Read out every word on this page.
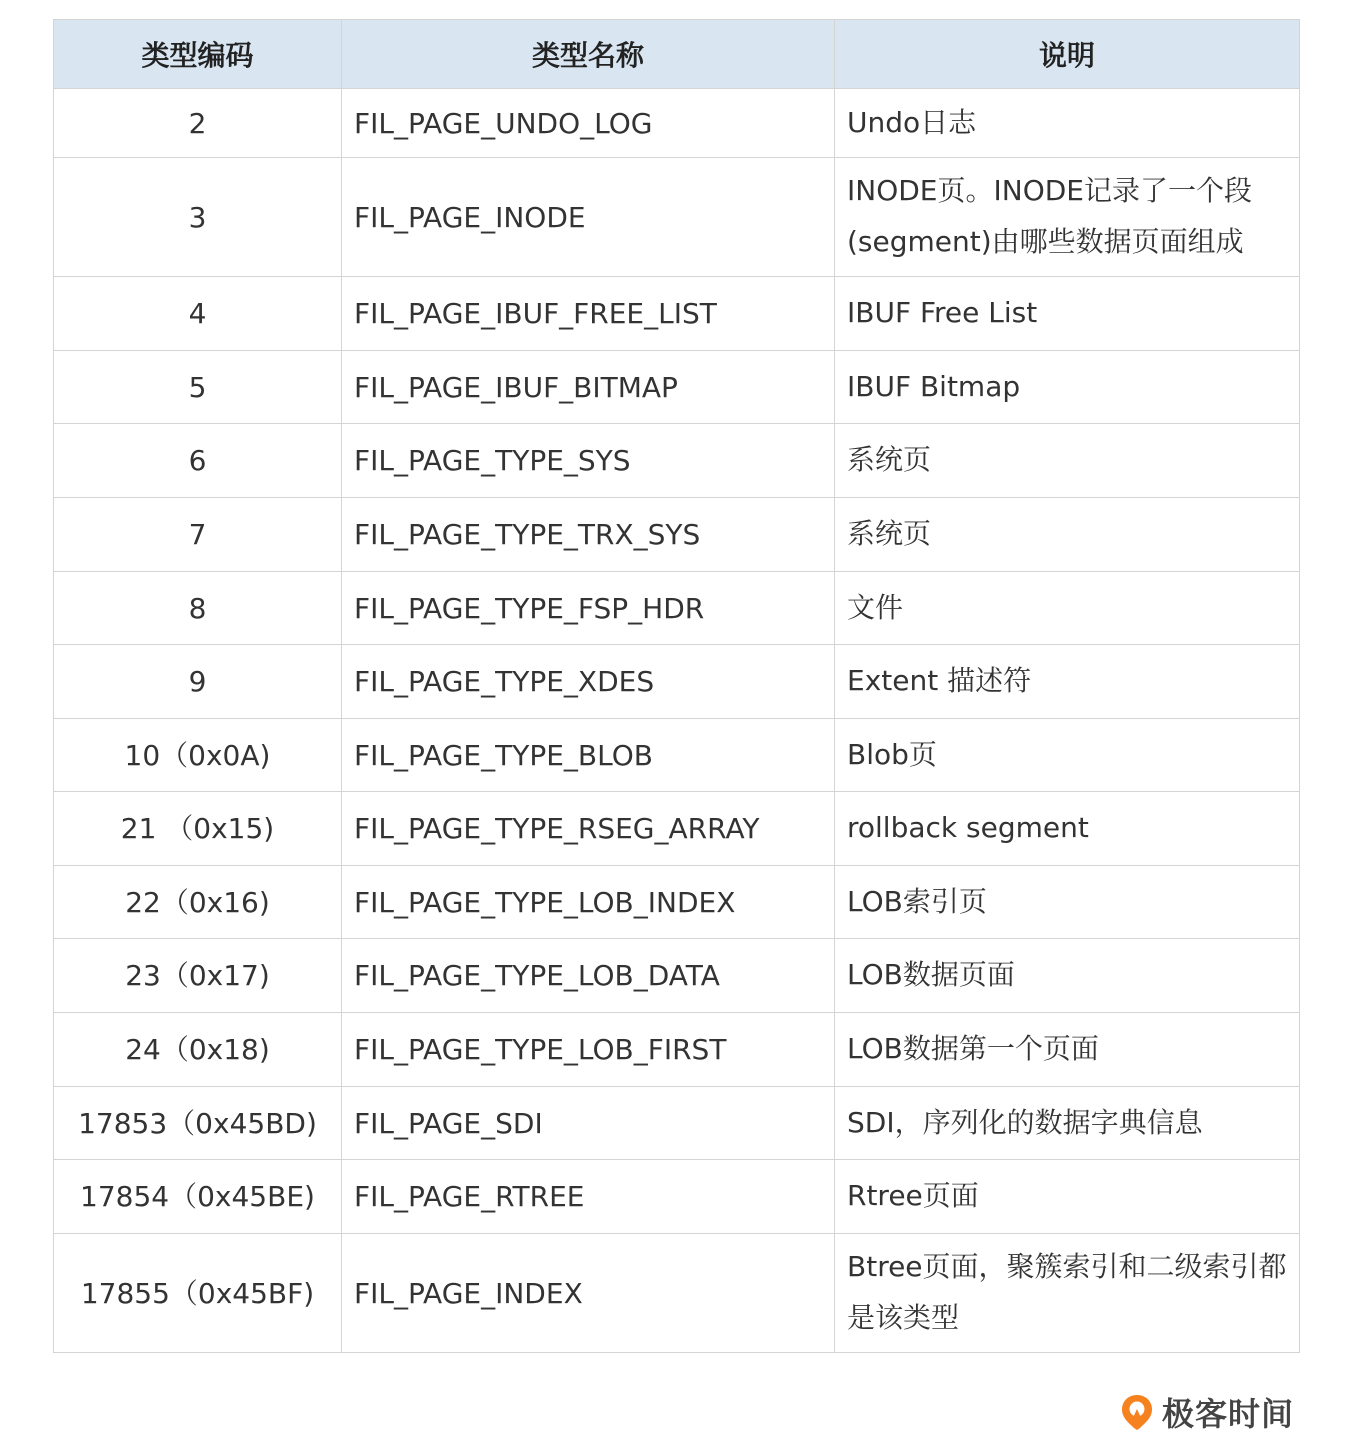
类型编码	类型名称	说明
2	FIL_PAGE_UNDO_LOG	Undo日志
3	FIL_PAGE_INODE	INODE页。INODE记录了一个段(segment)由哪些数据页面组成
4	FIL_PAGE_IBUF_FREE_LIST	IBUF Free List
5	FIL_PAGE_IBUF_BITMAP	IBUF Bitmap
6	FIL_PAGE_TYPE_SYS	系统页
7	FIL_PAGE_TYPE_TRX_SYS	系统页
8	FIL_PAGE_TYPE_FSP_HDR	文件
9	FIL_PAGE_TYPE_XDES	Extent 描述符
10（0x0A)	FIL_PAGE_TYPE_BLOB	Blob页
21 （0x15)	FIL_PAGE_TYPE_RSEG_ARRAY	rollback segment
22（0x16)	FIL_PAGE_TYPE_LOB_INDEX	LOB索引页
23（0x17)	FIL_PAGE_TYPE_LOB_DATA	LOB数据页面
24（0x18)	FIL_PAGE_TYPE_LOB_FIRST	LOB数据第一个页面
17853（0x45BD)	FIL_PAGE_SDI	SDI，序列化的数据字典信息
17854（0x45BE)	FIL_PAGE_RTREE	Rtree页面
17855（0x45BF)	FIL_PAGE_INDEX	Btree页面，聚簇索引和二级索引都是该类型
极客时间
